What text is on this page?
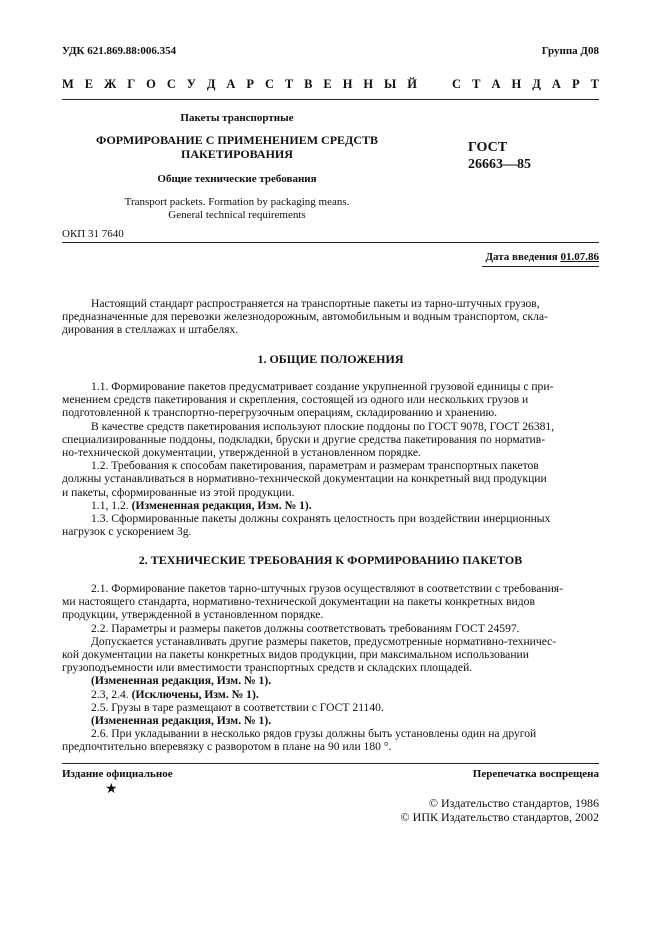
УДК 621.869.88:006.354	Группа Д08
М Е Ж Г О С У Д А Р С Т В Е Н Н Ы Й	С Т А Н Д А Р Т
Пакеты транспортные
ФОРМИРОВАНИЕ С ПРИМЕНЕНИЕМ СРЕДСТВ
ПАКЕТИРОВАНИЯ
Общие технические требования
Transport packets. Formation by packaging means.
General technical requirements
ГОСТ
26663—85
ОКП 31 7640
Дата введения 01.07.86
Настоящий стандарт распространяется на транспортные пакеты из тарно-штучных грузов,
предназначенные для перевозки железнодорожным, автомобильным и водным транспортом, скла-
дирования в стеллажах и штабелях.
1. ОБЩИЕ ПОЛОЖЕНИЯ
1.1. Формирование пакетов предусматривает создание укрупненной грузовой единицы с при-
менением средств пакетирования и скрепления, состоящей из одного или нескольких грузов и
подготовленной к транспортно-перегрузочным операциям, складированию и хранению.
В качестве средств пакетирования используют плоские поддоны по ГОСТ 9078, ГОСТ 26381,
специализированные поддоны, подкладки, бруски и другие средства пакетирования по норматив-
но-технической документации, утвержденной в установленном порядке.
1.2. Требования к способам пакетирования, параметрам и размерам транспортных пакетов
должны устанавливаться в нормативно-технической документации на конкретный вид продукции
и пакеты, сформированные из этой продукции.
1.1, 1.2. (Измененная редакция, Изм. № 1).
1.3. Сформированные пакеты должны сохранять целостность при воздействии инерционных
нагрузок с ускорением 3g.
2. ТЕХНИЧЕСКИЕ ТРЕБОВАНИЯ К ФОРМИРОВАНИЮ ПАКЕТОВ
2.1. Формирование пакетов тарно-штучных грузов осуществляют в соответствии с требования-
ми настоящего стандарта, нормативно-технической документации на пакеты конкретных видов
продукции, утвержденной в установленном порядке.
2.2. Параметры и размеры пакетов должны соответствовать требованиям ГОСТ 24597.
Допускается устанавливать другие размеры пакетов, предусмотренные нормативно-техничес-
кой документации на пакеты конкретных видов продукции, при максимальном использовании
грузоподъемности или вместимости транспортных средств и складских площадей.
(Измененная редакция, Изм. № 1).
2.3, 2.4. (Исключены, Изм. № 1).
2.5. Грузы в таре размещают в соответствии с ГОСТ 21140.
(Измененная редакция, Изм. № 1).
2.6. При укладывании в несколько рядов грузы должны быть установлены один на другой
предпочтительно вперевязку с разворотом в плане на 90 или 180 °.
Издание официальное	Перепечатка воспрещена
★
© Издательство стандартов, 1986
© ИПК Издательство стандартов, 2002
